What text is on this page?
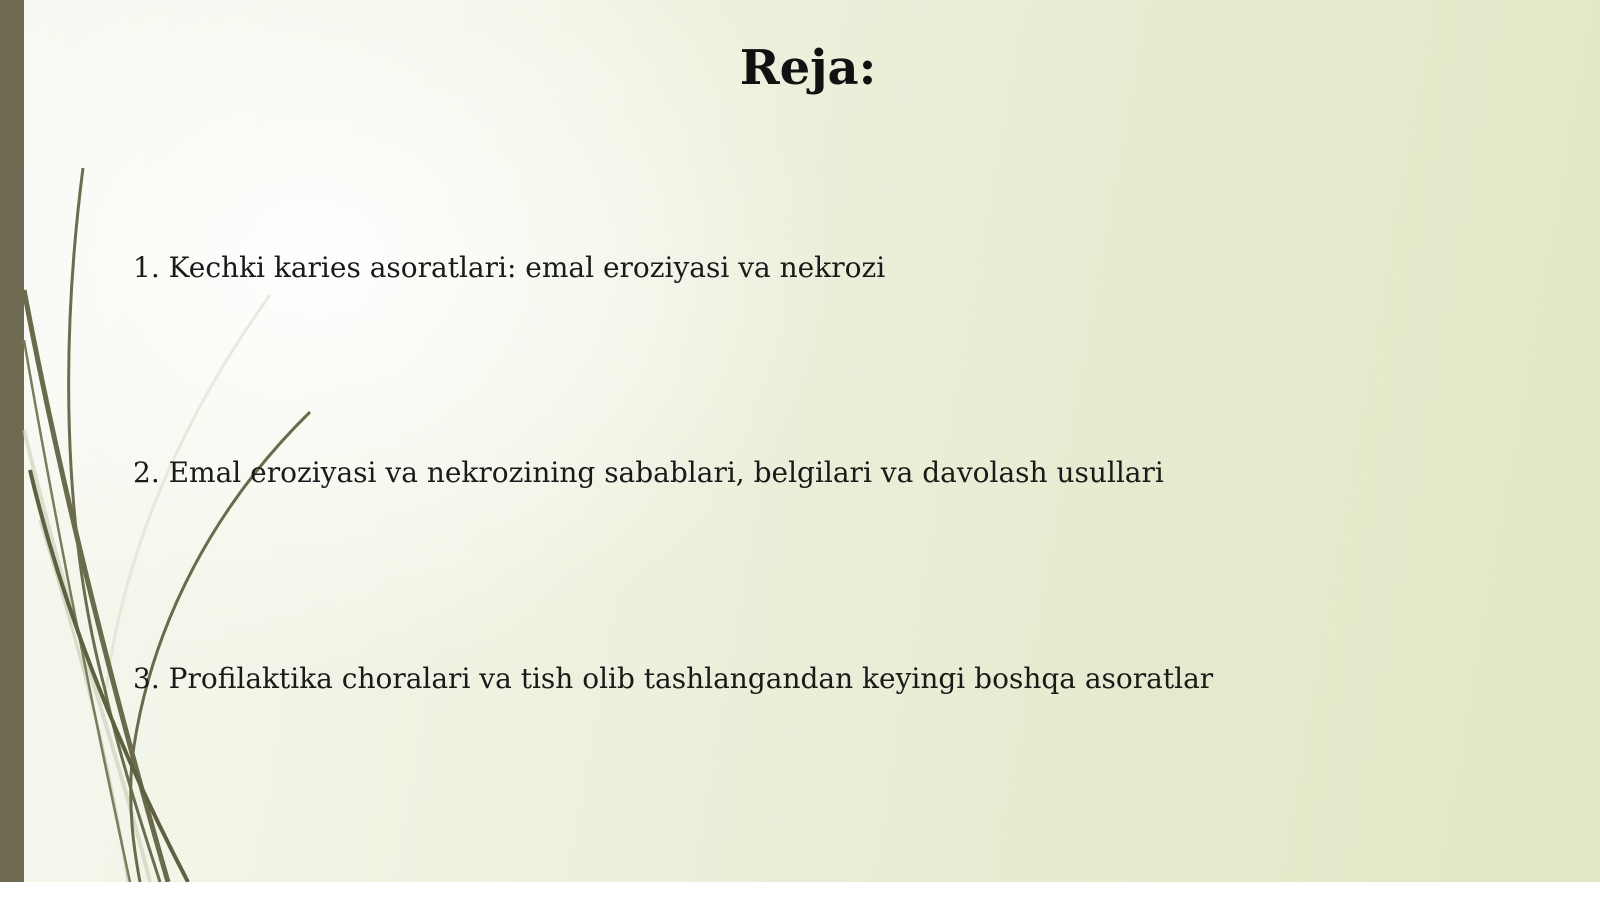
Reja:
1. Kechki karies asoratlari: emal eroziyasi va nekrozi
2. Emal eroziyasi va nekrozining sabablari, belgilari va davolash usullari
3. Profilaktika choralari va tish olib tashlangandan keyingi boshqa asoratlar
